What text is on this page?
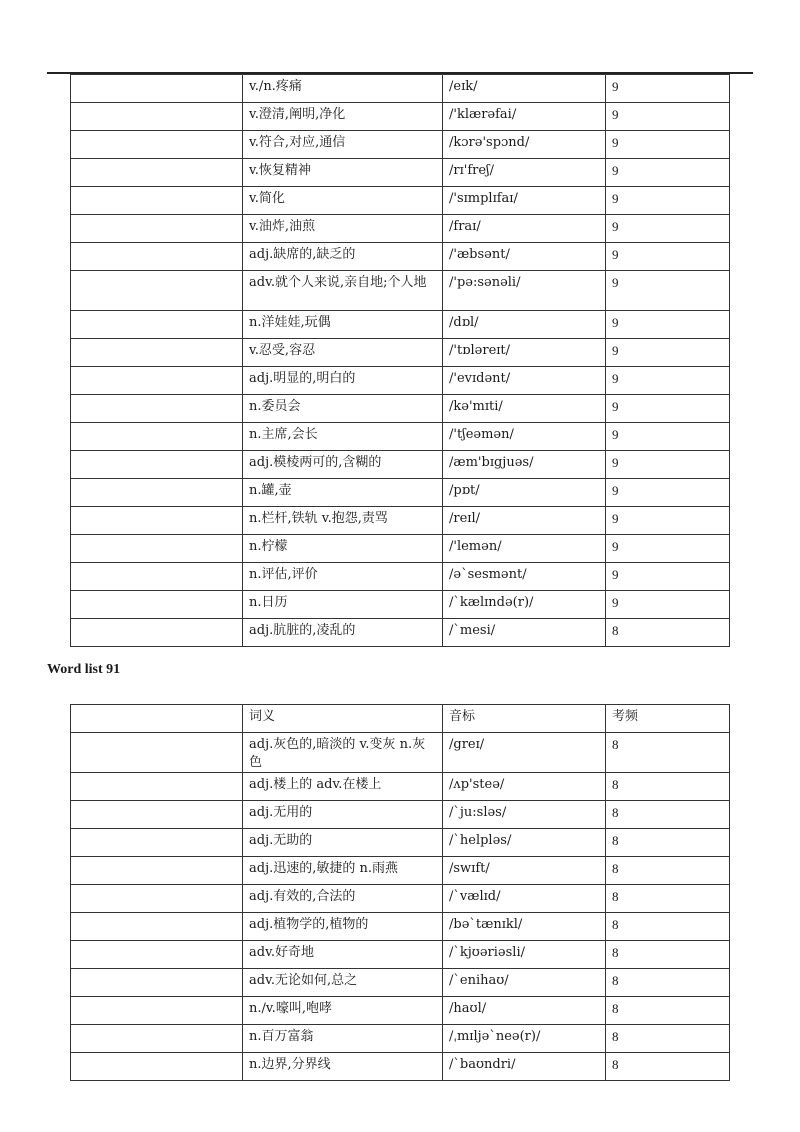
	v./n.疼痛	/eɪk/	9
	v.澄清,阐明,净化	/'klærəfai/	9
	v.符合,对应,通信	/kɔrə'spɔnd/	9
	v.恢复精神	/rɪ'freʃ/	9
	v.简化	/'sɪmplɪfaɪ/	9
	v.油炸,油煎	/fraɪ/	9
	adj.缺席的,缺乏的	/'æbsənt/	9
	adv.就个人来说,亲自地;个人地	/'pə:sənəli/	9
	n.洋娃娃,玩偶	/dɒl/	9
	v.忍受,容忍	/'tɒləreɪt/	9
	adj.明显的,明白的	/'evɪdənt/	9
	n.委员会	/kə'mɪti/	9
	n.主席,会长	/'tʃeəmən/	9
	adj.模棱两可的,含糊的	/æm'bɪgjuəs/	9
	n.罐,壶	/pɒt/	9
	n.栏杆,铁轨 v.抱怨,责骂	/reɪl/	9
	n.柠檬	/'lemən/	9
	n.评估,评价	/əˋsesmənt/	9
	n.日历	/ˋkælɪndə(r)/	9
	adj.肮脏的,凌乱的	/ˋmesi/	8
Word list 91
	词义	音标	考频
	adj.灰色的,暗淡的 v.变灰 n.灰色	/greɪ/	8
	adj.楼上的 adv.在楼上	/ʌp'steə/	8
	adj.无用的	/ˋju:sləs/	8
	adj.无助的	/ˋhelpləs/	8
	adj.迅速的,敏捷的 n.雨燕	/swɪft/	8
	adj.有效的,合法的	/ˋvælɪd/	8
	adj.植物学的,植物的	/bəˋtænɪkl/	8
	adv.好奇地	/ˋkjʊəriəsli/	8
	adv.无论如何,总之	/ˋenihaʊ/	8
	n./v.嚎叫,咆哮	/haʊl/	8
	n.百万富翁	/ˌmɪljəˋneə(r)/	8
	n.边界,分界线	/ˋbaʊndri/	8
